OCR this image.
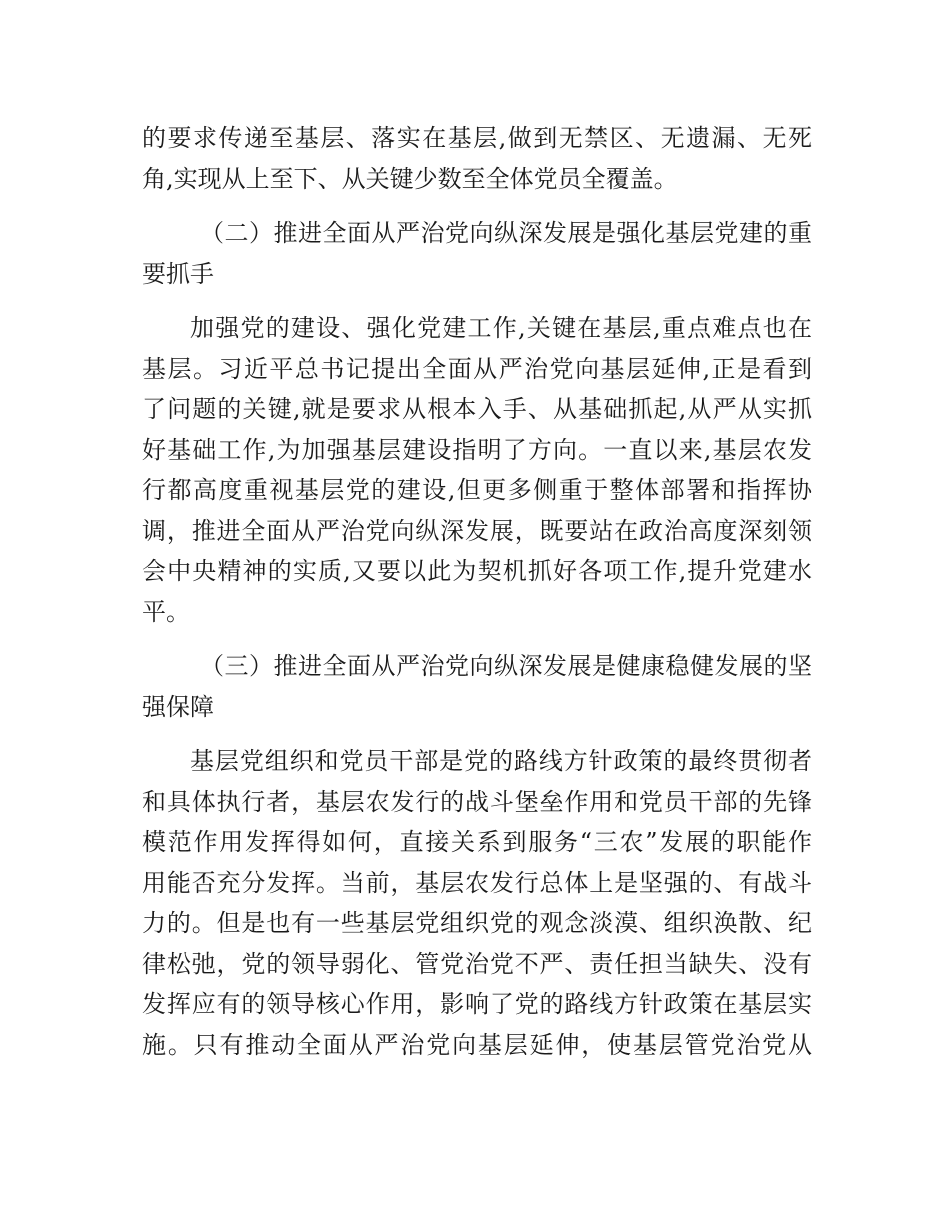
的要求传递至基层、落实在基层,做到无禁区、无遗漏、无死
角,实现从上至下、从关键少数至全体党员全覆盖。
（二）推进全面从严治党向纵深发展是强化基层党建的重
要抓手
加强党的建设、强化党建工作,关键在基层,重点难点也在
基层。习近平总书记提出全面从严治党向基层延伸,正是看到
了问题的关键,就是要求从根本入手、从基础抓起,从严从实抓
好基础工作,为加强基层建设指明了方向。一直以来,基层农发
行都高度重视基层党的建设,但更多侧重于整体部署和指挥协
调，推进全面从严治党向纵深发展，既要站在政治高度深刻领
会中央精神的实质,又要以此为契机抓好各项工作,提升党建水
平。
（三）推进全面从严治党向纵深发展是健康稳健发展的坚
强保障
基层党组织和党员干部是党的路线方针政策的最终贯彻者
和具体执行者，基层农发行的战斗堡垒作用和党员干部的先锋
模范作用发挥得如何，直接关系到服务“三农”发展的职能作
用能否充分发挥。当前，基层农发行总体上是坚强的、有战斗
力的。但是也有一些基层党组织党的观念淡漠、组织涣散、纪
律松弛，党的领导弱化、管党治党不严、责任担当缺失、没有
发挥应有的领导核心作用，影响了党的路线方针政策在基层实
施。只有推动全面从严治党向基层延伸，使基层管党治党从
